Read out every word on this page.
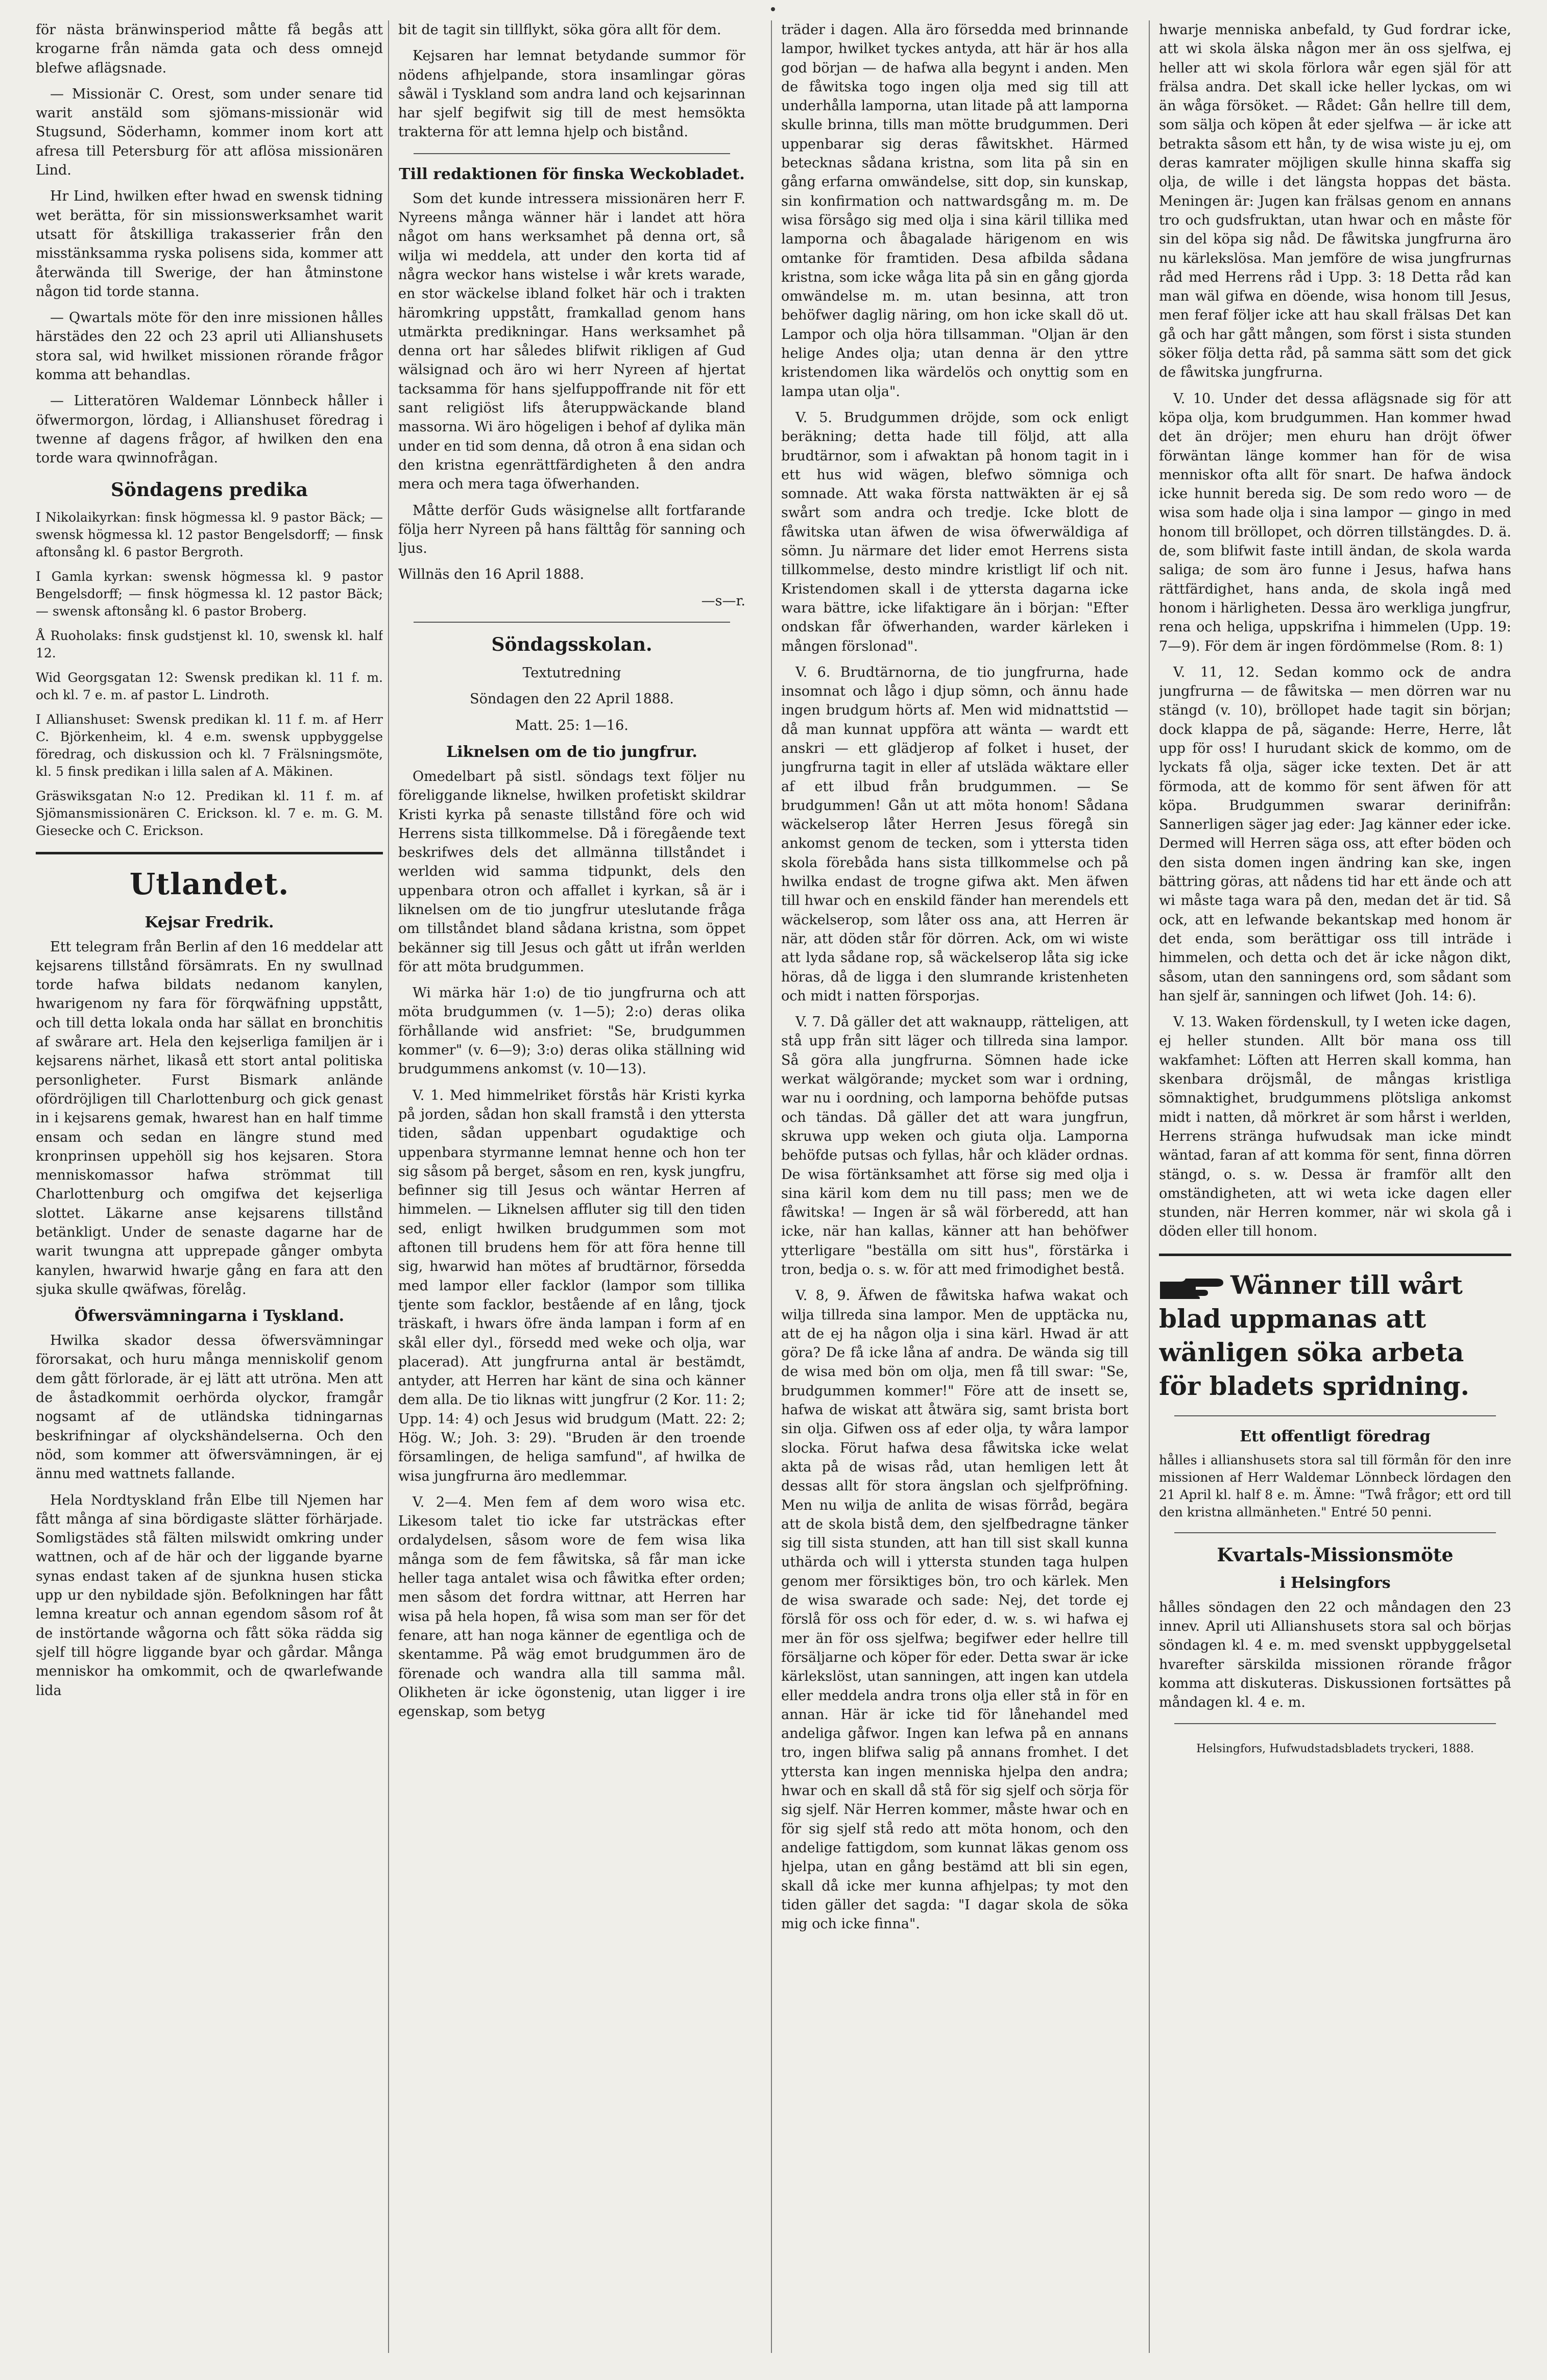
för nästa bränwinsperiod måtte få begås att krogarne från nämda gata och dess omnejd blefwe aflägsnade.

— Missionär C. Orest, som under senare tid warit anstäld som sjömans-missionär wid Stugsund, Söderhamn, kommer inom kort att afresa till Petersburg för att aflösa missionären Lind.

Hr Lind, hwilken efter hwad en swensk tidning wet berätta, för sin missionswerksamhet warit utsatt för åtskilliga trakasserier från den misstänksamma ryska polisens sida, kommer att återwända till Swerige, der han åtminstone någon tid torde stanna.

— Qwartals möte för den inre missionen hålles härstädes den 22 och 23 april uti Allianshusets stora sal, wid hwilket missionen rörande frågor komma att behandlas.

— Litteratören Waldemar Lönnbeck håller i öfwermorgon, lördag, i Allianshuset föredrag i twenne af dagens frågor, af hwilken den ena torde wara qwinnofrågan.

Söndagens predika

I Nikolaikyrkan: finsk högmessa kl. 9 pastor Bäck; — swensk högmessa kl. 12 pastor Bengelsdorff; — finsk aftonsång kl. 6 pastor Bergroth.

I Gamla kyrkan: swensk högmessa kl. 9 pastor Bengelsdorff; — finsk högmessa kl. 12 pastor Bäck; — swensk aftonsång kl. 6 pastor Broberg.

Å Ruoholaks: finsk gudstjenst kl. 10, swensk kl. half 12.

Wid Georgsgatan 12: Swensk predikan kl. 11 f. m. och kl. 7 e. m. af pastor L. Lindroth.

I Allianshuset: Swensk predikan kl. 11 f. m. af Herr C. Björkenheim, kl. 4 e.m. swensk uppbyggelse föredrag, och diskussion och kl. 7 Frälsningsmöte, kl. 5 finsk predikan i lilla salen af A. Mäkinen.

Gräswiksgatan N:o 12. Predikan kl. 11 f. m. af Sjömansmissionären C. Erickson. kl. 7 e. m. G. M. Giesecke och C. Erickson.

Utlandet.
Kejsar Fredrik.

Ett telegram från Berlin af den 16 meddelar att kejsarens tillstånd försämrats. En ny swullnad torde hafwa bildats nedanom kanylen, hwarigenom ny fara för förqwäfning uppstått, och till detta lokala onda har sällat en bronchitis af swårare art. Hela den kejserliga familjen är i kejsarens närhet, likaså ett stort antal politiska personligheter. Furst Bismark anlände ofördröjligen till Charlottenburg och gick genast in i kejsarens gemak, hwarest han en half timme ensam och sedan en längre stund med kronprinsen uppehöll sig hos kejsaren. Stora menniskomassor hafwa strömmat till Charlottenburg och omgifwa det kejserliga slottet. Läkarne anse kejsarens tillstånd betänkligt. Under de senaste dagarne har de warit twungna att upprepade gånger ombyta kanylen, hwarwid hwarje gång en fara att den sjuka skulle qwäfwas, förelåg.

Öfwersvämningarna i Tyskland.

Hwilka skador dessa öfwersvämningar förorsakat, och huru många menniskolif genom dem gått förlorade, är ej lätt att utröna. Men att de åstadkommit oerhörda olyckor, framgår nogsamt af de utländska tidningarnas beskrifningar af olyckshändelserna. Och den nöd, som kommer att öfwersvämningen, är ej ännu med wattnets fallande.

Hela Nordtyskland från Elbe till Njemen har fått många af sina bördigaste slätter förhärjade. Somligstädes stå fälten milswidt omkring under wattnen, och af de här och der liggande byarne synas endast taken af de sjunkna husen sticka upp ur den nybildade sjön. Befolkningen har fått lemna kreatur och annan egendom såsom rof åt de instörtande wågorna och fått söka rädda sig sjelf till högre liggande byar och gårdar. Många menniskor ha omkommit, och de qwarlefwande lida

bit de tagit sin tillflykt, söka göra allt för dem.

Kejsaren har lemnat betydande summor för nödens afhjelpande, stora insamlingar göras såwäl i Tyskland som andra land och kejsarinnan har sjelf begifwit sig till de mest hemsökta trakterna för att lemna hjelp och bistånd.

Till redaktionen för finska Weckobladet.

Som det kunde intressera missionären herr F. Nyreens många wänner här i landet att höra något om hans werksamhet på denna ort, så wilja wi meddela, att under den korta tid af några weckor hans wistelse i wår krets warade, en stor wäckelse ibland folket här och i trakten häromkring uppstått, framkallad genom hans utmärkta predikningar. Hans werksamhet på denna ort har således blifwit rikligen af Gud wälsignad och äro wi herr Nyreen af hjertat tacksamma för hans sjelfuppoffrande nit för ett sant religiöst lifs återuppwäckande bland massorna. Wi äro högeligen i behof af dylika män under en tid som denna, då otron å ena sidan och den kristna egenrättfärdigheten å den andra mera och mera taga öfwerhanden.

Måtte derför Guds wäsignelse allt fortfarande följa herr Nyreen på hans fälttåg för sanning och ljus.

Willnäs den 16 April 1888.

—s—r.

Söndagsskolan.

Textutredning

Söndagen den 22 April 1888.

Matt. 25: 1—16.

Liknelsen om de tio jungfrur.

Omedelbart på sistl. söndags text följer nu föreliggande liknelse, hwilken profetiskt skildrar Kristi kyrka på senaste tillstånd före och wid Herrens sista tillkommelse. Då i föregående text beskrifwes dels det allmänna tillståndet i werlden wid samma tidpunkt, dels den uppenbara otron och affallet i kyrkan, så är i liknelsen om de tio jungfrur uteslutande fråga om tillståndet bland sådana kristna, som öppet bekänner sig till Jesus och gått ut ifrån werlden för att möta brudgummen.

Wi märka här 1:o) de tio jungfrurna och att möta brudgummen (v. 1—5); 2:o) deras olika förhållande wid ansfriet: "Se, brudgummen kommer" (v. 6—9); 3:o) deras olika ställning wid brudgummens ankomst (v. 10—13).

V. 1. Med himmelriket förstås här Kristi kyrka på jorden, sådan hon skall framstå i den yttersta tiden, sådan uppenbart ogudaktige och uppenbara styrmanne lemnat henne och hon ter sig såsom på berget, såsom en ren, kysk jungfru, befinner sig till Jesus och wäntar Herren af himmelen. — Liknelsen affluter sig till den tiden sed, enligt hwilken brudgummen som mot aftonen till brudens hem för att föra henne till sig, hwarwid han mötes af brudtärnor, försedda med lampor eller facklor (lampor som tillika tjente som facklor, bestående af en lång, tjock träskaft, i hwars öfre ända lampan i form af en skål eller dyl., försedd med weke och olja, war placerad). Att jungfrurna antal är bestämdt, antyder, att Herren har känt de sina och känner dem alla. De tio liknas witt jungfrur (2 Kor. 11: 2; Upp. 14: 4) och Jesus wid brudgum (Matt. 22: 2; Hög. W.; Joh. 3: 29). "Bruden är den troende församlingen, de heliga samfund", af hwilka de wisa jungfrurna äro medlemmar.

V. 2—4. Men fem af dem woro wisa etc. Likesom talet tio icke far utsträckas efter ordalydelsen, såsom wore de fem wisa lika många som de fem fåwitska, så får man icke heller taga antalet wisa och fåwitka efter orden; men såsom det fordra wittnar, att Herren har wisa på hela hopen, få wisa som man ser för det fenare, att han noga känner de egentliga och de skentamme. På wäg emot brudgummen äro de förenade och wandra alla till samma mål. Olikheten är icke ögonstenig, utan ligger i ire egenskap, som betyg

träder i dagen. Alla äro försedda med brinnande lampor, hwilket tyckes antyda, att här är hos alla god början — de hafwa alla begynt i anden. Men de fåwitska togo ingen olja med sig till att underhålla lamporna, utan litade på att lamporna skulle brinna, tills man mötte brudgummen. Deri uppenbarar sig deras fåwitskhet. Härmed betecknas sådana kristna, som lita på sin en gång erfarna omwändelse, sitt dop, sin kunskap, sin konfirmation och nattwardsgång m. m. De wisa försågo sig med olja i sina käril tillika med lamporna och åbagalade härigenom en wis omtanke för framtiden. Desa afbilda sådana kristna, som icke wåga lita på sin en gång gjorda omwändelse m. m. utan besinna, att tron behöfwer daglig näring, om hon icke skall dö ut. Lampor och olja höra tillsamman. "Oljan är den helige Andes olja; utan denna är den yttre kristendomen lika wärdelös och onyttig som en lampa utan olja".

V. 5. Brudgummen dröjde, som ock enligt beräkning; detta hade till följd, att alla brudtärnor, som i afwaktan på honom tagit in i ett hus wid wägen, blefwo sömniga och somnade. Att waka första nattwäkten är ej så swårt som andra och tredje. Icke blott de fåwitska utan äfwen de wisa öfwerwäldiga af sömn. Ju närmare det lider emot Herrens sista tillkommelse, desto mindre kristligt lif och nit. Kristendomen skall i de yttersta dagarna icke wara bättre, icke lifaktigare än i början: "Efter ondskan får öfwerhanden, warder kärleken i mången förslonad".

V. 6. Brudtärnorna, de tio jungfrurna, hade insomnat och lågo i djup sömn, och ännu hade ingen brudgum hörts af. Men wid midnattstid — då man kunnat uppföra att wänta — wardt ett anskri — ett glädjerop af folket i huset, der jungfrurna tagit in eller af utsläda wäktare eller af ett ilbud från brudgummen. — Se brudgummen! Gån ut att möta honom! Sådana wäckelserop låter Herren Jesus föregå sin ankomst genom de tecken, som i yttersta tiden skola förebåda hans sista tillkommelse och på hwilka endast de trogne gifwa akt. Men äfwen till hwar och en enskild fänder han merendels ett wäckelserop, som låter oss ana, att Herren är när, att döden står för dörren. Ack, om wi wiste att lyda sådane rop, så wäckelserop låta sig icke höras, då de ligga i den slumrande kristenheten och midt i natten försporjas.

V. 7. Då gäller det att waknaupp, rätteligen, att stå upp från sitt läger och tillreda sina lampor. Så göra alla jungfrurna. Sömnen hade icke werkat wälgörande; mycket som war i ordning, war nu i oordning, och lamporna behöfde putsas och tändas. Då gäller det att wara jungfrun, skruwa upp weken och giuta olja. Lamporna behöfde putsas och fyllas, hår och kläder ordnas. De wisa förtänksamhet att förse sig med olja i sina käril kom dem nu till pass; men we de fåwitska! — Ingen är så wäl förberedd, att han icke, när han kallas, känner att han behöfwer ytterligare "beställa om sitt hus", förstärka i tron, bedja o. s. w. för att med frimodighet bestå.

V. 8, 9. Äfwen de fåwitska hafwa wakat och wilja tillreda sina lampor. Men de upptäcka nu, att de ej ha någon olja i sina kärl. Hwad är att göra? De få icke låna af andra. De wända sig till de wisa med bön om olja, men få till swar: "Se, brudgummen kommer!" Före att de insett se, hafwa de wiskat att åtwära sig, samt brista bort sin olja. Gifwen oss af eder olja, ty wåra lampor slocka. Förut hafwa desa fåwitska icke welat akta på de wisas råd, utan hemligen lett åt dessas allt för stora ängslan och sjelfpröfning. Men nu wilja de anlita de wisas förråd, begära att de skola bistå dem, den sjelfbedragne tänker sig till sista stunden, att han till sist skall kunna uthärda och will i yttersta stunden taga hulpen genom mer försiktiges bön, tro och kärlek. Men de wisa swarade och sade: Nej, det torde ej förslå för oss och för eder, d. w. s. wi hafwa ej mer än för oss sjelfwa; begifwer eder hellre till försäljarne och köper för eder. Detta swar är icke kärlekslöst, utan sanningen, att ingen kan utdela eller meddela andra trons olja eller stå in för en annan. Här är icke tid för lånehandel med andeliga gåfwor. Ingen kan lefwa på en annans tro, ingen blifwa salig på annans fromhet. I det yttersta kan ingen menniska hjelpa den andra; hwar och en skall då stå för sig sjelf och sörja för sig sjelf. När Herren kommer, måste hwar och en för sig sjelf stå redo att möta honom, och den andelige fattigdom, som kunnat läkas genom oss hjelpa, utan en gång bestämd att bli sin egen, skall då icke mer kunna afhjelpas; ty mot den tiden gäller det sagda: "I dagar skola de söka mig och icke finna".

hwarje menniska anbefald, ty Gud fordrar icke, att wi skola älska någon mer än oss sjelfwa, ej heller att wi skola förlora wår egen själ för att frälsa andra. Det skall icke heller lyckas, om wi än wåga försöket. — Rådet: Gån hellre till dem, som sälja och köpen åt eder sjelfwa — är icke att betrakta såsom ett hån, ty de wisa wiste ju ej, om deras kamrater möjligen skulle hinna skaffa sig olja, de wille i det längsta hoppas det bästa. Meningen är: Jugen kan frälsas genom en annans tro och gudsfruktan, utan hwar och en måste för sin del köpa sig nåd. De fåwitska jungfrurna äro nu kärlekslösa. Man jemföre de wisa jungfrurnas råd med Herrens råd i Upp. 3: 18 Detta råd kan man wäl gifwa en döende, wisa honom till Jesus, men feraf följer icke att hau skall frälsas Det kan gå och har gått mången, som först i sista stunden söker följa detta råd, på samma sätt som det gick de fåwitska jungfrurna.

V. 10. Under det dessa aflägsnade sig för att köpa olja, kom brudgummen. Han kommer hwad det än dröjer; men ehuru han dröjt öfwer förwäntan länge kommer han för de wisa menniskor ofta allt för snart. De hafwa ändock icke hunnit bereda sig. De som redo woro — de wisa som hade olja i sina lampor — gingo in med honom till bröllopet, och dörren tillstängdes. D. ä. de, som blifwit faste intill ändan, de skola warda saliga; de som äro funne i Jesus, hafwa hans rättfärdighet, hans anda, de skola ingå med honom i härligheten. Dessa äro werkliga jungfrur, rena och heliga, uppskrifna i himmelen (Upp. 19: 7—9). För dem är ingen fördömmelse (Rom. 8: 1)

V. 11, 12. Sedan kommo ock de andra jungfrurna — de fåwitska — men dörren war nu stängd (v. 10), bröllopet hade tagit sin början; dock klappa de på, sägande: Herre, Herre, låt upp för oss! I hurudant skick de kommo, om de lyckats få olja, säger icke texten. Det är att förmoda, att de kommo för sent äfwen för att köpa. Brudgummen swarar derinifrån: Sannerligen säger jag eder: Jag känner eder icke. Dermed will Herren säga oss, att efter böden och den sista domen ingen ändring kan ske, ingen bättring göras, att nådens tid har ett ände och att wi måste taga wara på den, medan det är tid. Så ock, att en lefwande bekantskap med honom är det enda, som berättigar oss till inträde i himmelen, och detta och det är icke någon dikt, såsom, utan den sanningens ord, som sådant som han sjelf är, sanningen och lifwet (Joh. 14: 6).

V. 13. Waken fördenskull, ty I weten icke dagen, ej heller stunden. Allt bör mana oss till wakfamhet: Löften att Herren skall komma, han skenbara dröjsmål, de mångas kristliga sömnaktighet, brudgummens plötsliga ankomst midt i natten, då mörkret är som hårst i werlden, Herrens stränga hufwudsak man icke mindt wäntad, faran af att komma för sent, finna dörren stängd, o. s. w. Dessa är framför allt den omständigheten, att wi weta icke dagen eller stunden, när Herren kommer, när wi skola gå i döden eller till honom.

Wänner till wårt blad uppmanas att wänligen söka arbeta för bladets spridning.
Ett offentligt föredrag

hålles i allianshusets stora sal till förmån för den inre missionen af Herr Waldemar Lönnbeck lördagen den 21 April kl. half 8 e. m. Ämne: "Twå frågor; ett ord till den kristna allmänheten." Entré 50 penni.

Kvartals-Missionsmöte
i Helsingfors

hålles söndagen den 22 och måndagen den 23 innev. April uti Allianshusets stora sal och börjas söndagen kl. 4 e. m. med svenskt uppbyggelsetal hvarefter särskilda missionen rörande frågor komma att diskuteras. Diskussionen fortsättes på måndagen kl. 4 e. m.

Helsingfors, Hufwudstadsbladets tryckeri, 1888.
